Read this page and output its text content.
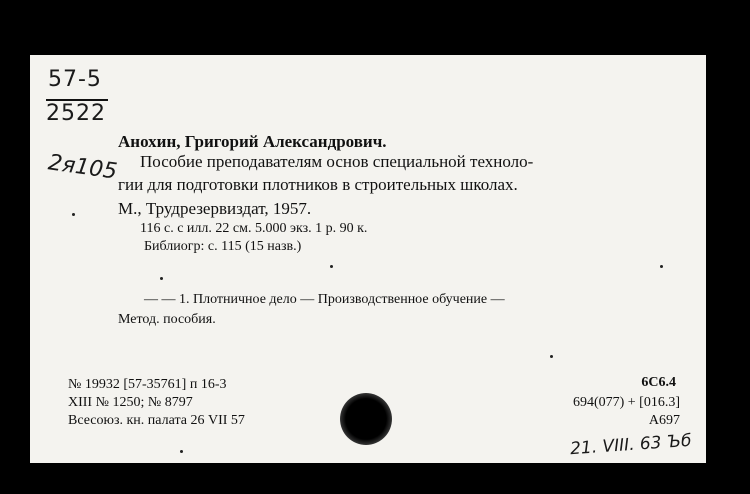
57-5
2522
2я105
Анохин, Григорий Александрович.
Пособие преподавателям основ специальной техноло-
гии для подготовки плотников в строительных школах.
М., Трудрезервиздат, 1957.
116 с. с илл. 22 см. 5.000 экз. 1 р. 90 к.
Библиогр: с. 115 (15 назв.)
— — 1. Плотничное дело — Производственное обучение —
Метод. пособия.
№ 19932 [57-35761] п 16-3
XIII № 1250; № 8797
Всесоюз. кн. палата 26 VII 57
6С6.4
694(077) + [016.3]
А697
21. VIII. 63 Ъб
